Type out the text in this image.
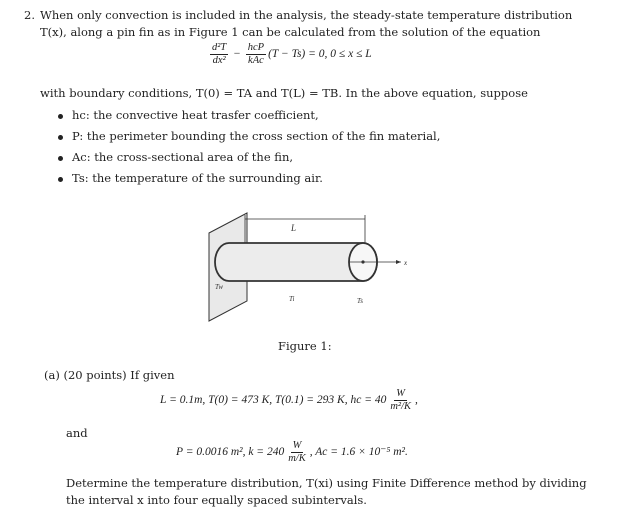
2. When only convection is included in the analysis, the steady-state temperature distribution
T(x), along a pin fin as in Figure 1 can be calculated from the solution of the equation
$\frac{\text{d²T}}{\text{dx²}} - \frac{\text{hcP}}{\text{kAc}} (T - Ts) = 0$, 0 ≤ x ≤ L
with boundary conditions, T(0) = TA and T(L) = TB. In the above equation, suppose
hc: the convective heat trasfer coefficient,
P: the perimeter bounding the cross section of the fin material,
Ac: the cross-sectional area of the fin,
Ts: the temperature of the surrounding air.
L
x
Tw
Ti	Ts
Figure 1:
(a) (20 points) If given
L = 0.1m, T(0) = 473 K, T(0.1) = 293 K, hc = $40 \frac{W}{\text{m²/K}}$ ,
and
P = 0.0016 m², $k = 240 \frac{W}{m/K}$ , Ac = 1.6 × 10⁻⁵ m².
Determine the temperature distribution, T(xi) using Finite Difference method by dividing
the interval x into four equally spaced subintervals.
